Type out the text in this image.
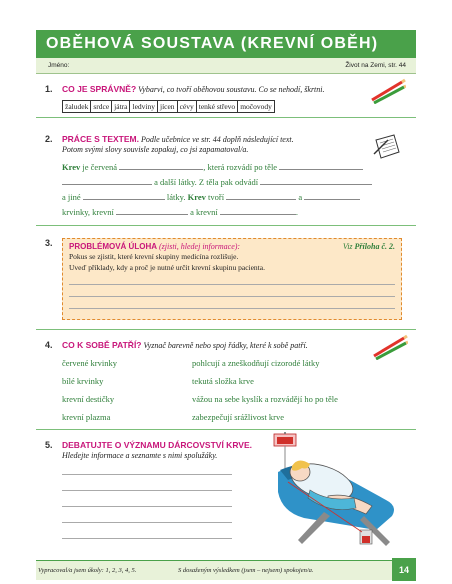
OBĚHOVÁ SOUSTAVA (KREVNÍ OBĚH)
Jméno:	Život na Zemi, str. 44
1. CO JE SPRÁVNĚ? Vybarvi, co tvoří oběhovou soustavu. Co se nehodí, škrtni.
žaludek srdce játra ledviny jícen cévy tenké střevo močovody
2. PRÁCE S TEXTEM. Podle učebnice ve str. 44 doplň následující text.
Potom svými slovy souvisle zopakuj, co jsi zapamatoval/a.
Krev je červená	, která rozvádí po těle
a další látky. Z těla pak odvádí
a jiné	látky. Krev tvoří	a
krvinky, krevní	a krevní	.
3. PROBLÉMOVÁ ÚLOHA (zjisti, hledej informace):	Viz Příloha č. 2.
Pokus se zjistit, které krevní skupiny medicína rozlišuje.
Uveď příklady, kdy a proč je nutné určit krevní skupinu pacienta.
4. CO K SOBĚ PATŘÍ? Vyznač barevně nebo spoj řádky, které k sobě patří.
červené krvinky
bílé krvinky
krevní destičky
krevní plazma
pohlcují a zneškodňují cizorodé látky
tekutá složka krve
vážou na sebe kyslík a rozvádějí ho po těle
zabezpečují srážlivost krve
5. DEBATUJTE O VÝZNAMU DÁRCOVSTVÍ KRVE.
Hledejte informace a seznamte s nimi spolužáky.
Vypracoval/a jsem úkoly: 1, 2, 3, 4, 5.	S dosaženým výsledkem (jsem – nejsem) spokojen/a.	14
